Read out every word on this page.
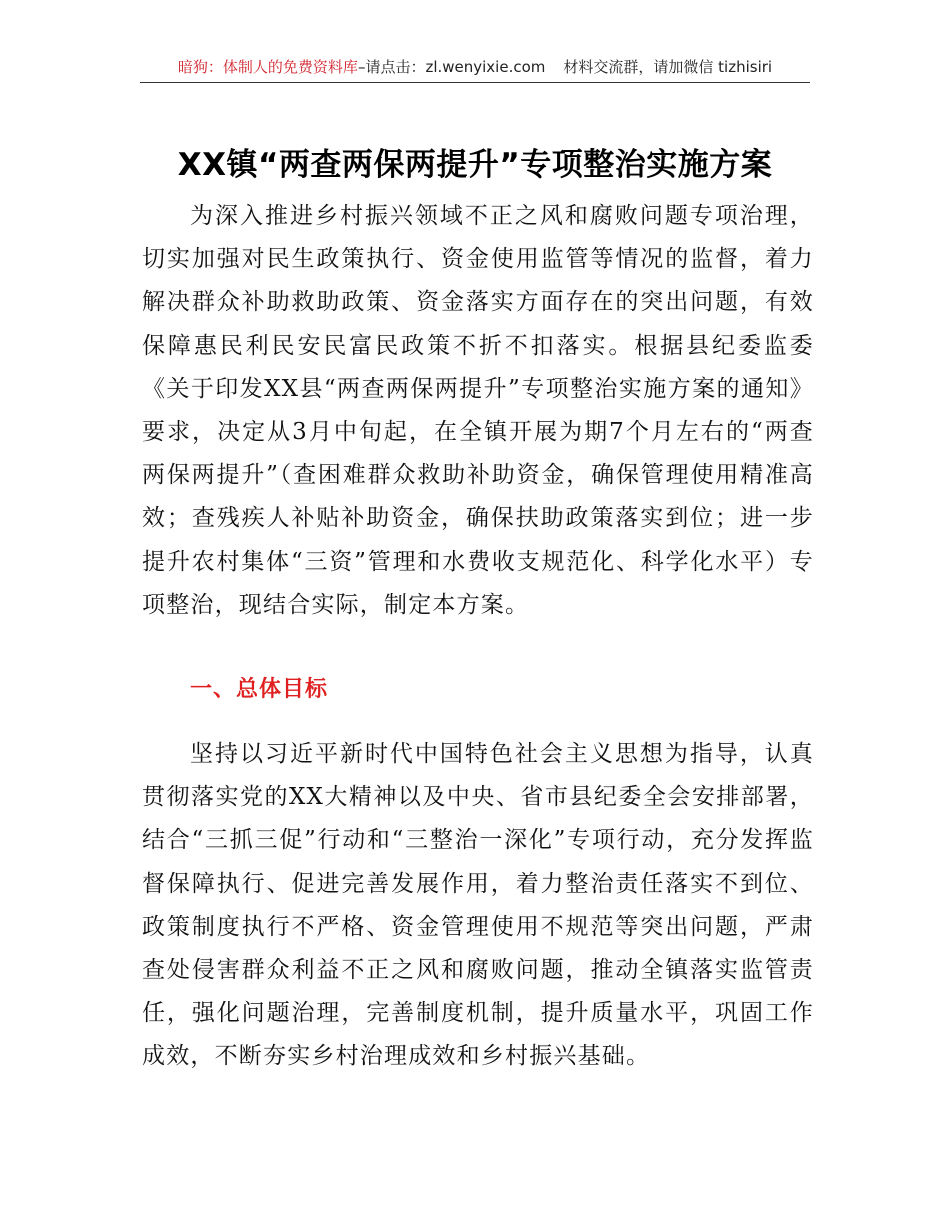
暗狗：体制人的免费资料库–请点击：zl.wenyixie.com 材料交流群，请加微信 tizhisiri
XX镇“两查两保两提升”专项整治实施方案

为深入推进乡村振兴领域不正之风和腐败问题专项治理，切实加强对民生政策执行、资金使用监管等情况的监督，着力解决群众补助救助政策、资金落实方面存在的突出问题，有效保障惠民利民安民富民政策不折不扣落实。根据县纪委监委《关于印发XX县“两查两保两提升”专项整治实施方案的通知》要求，决定从3月中旬起，在全镇开展为期7个月左右的“两查两保两提升”（查困难群众救助补助资金，确保管理使用精准高效；查残疾人补贴补助资金，确保扶助政策落实到位；进一步提升农村集体“三资”管理和水费收支规范化、科学化水平）专项整治，现结合实际，制定本方案。

一、总体目标

坚持以习近平新时代中国特色社会主义思想为指导，认真贯彻落实党的XX大精神以及中央、省市县纪委全会安排部署，结合“三抓三促”行动和“三整治一深化”专项行动，充分发挥监督保障执行、促进完善发展作用，着力整治责任落实不到位、政策制度执行不严格、资金管理使用不规范等突出问题，严肃查处侵害群众利益不正之风和腐败问题，推动全镇落实监管责任，强化问题治理，完善制度机制，提升质量水平，巩固工作成效，不断夯实乡村治理成效和乡村振兴基础。
